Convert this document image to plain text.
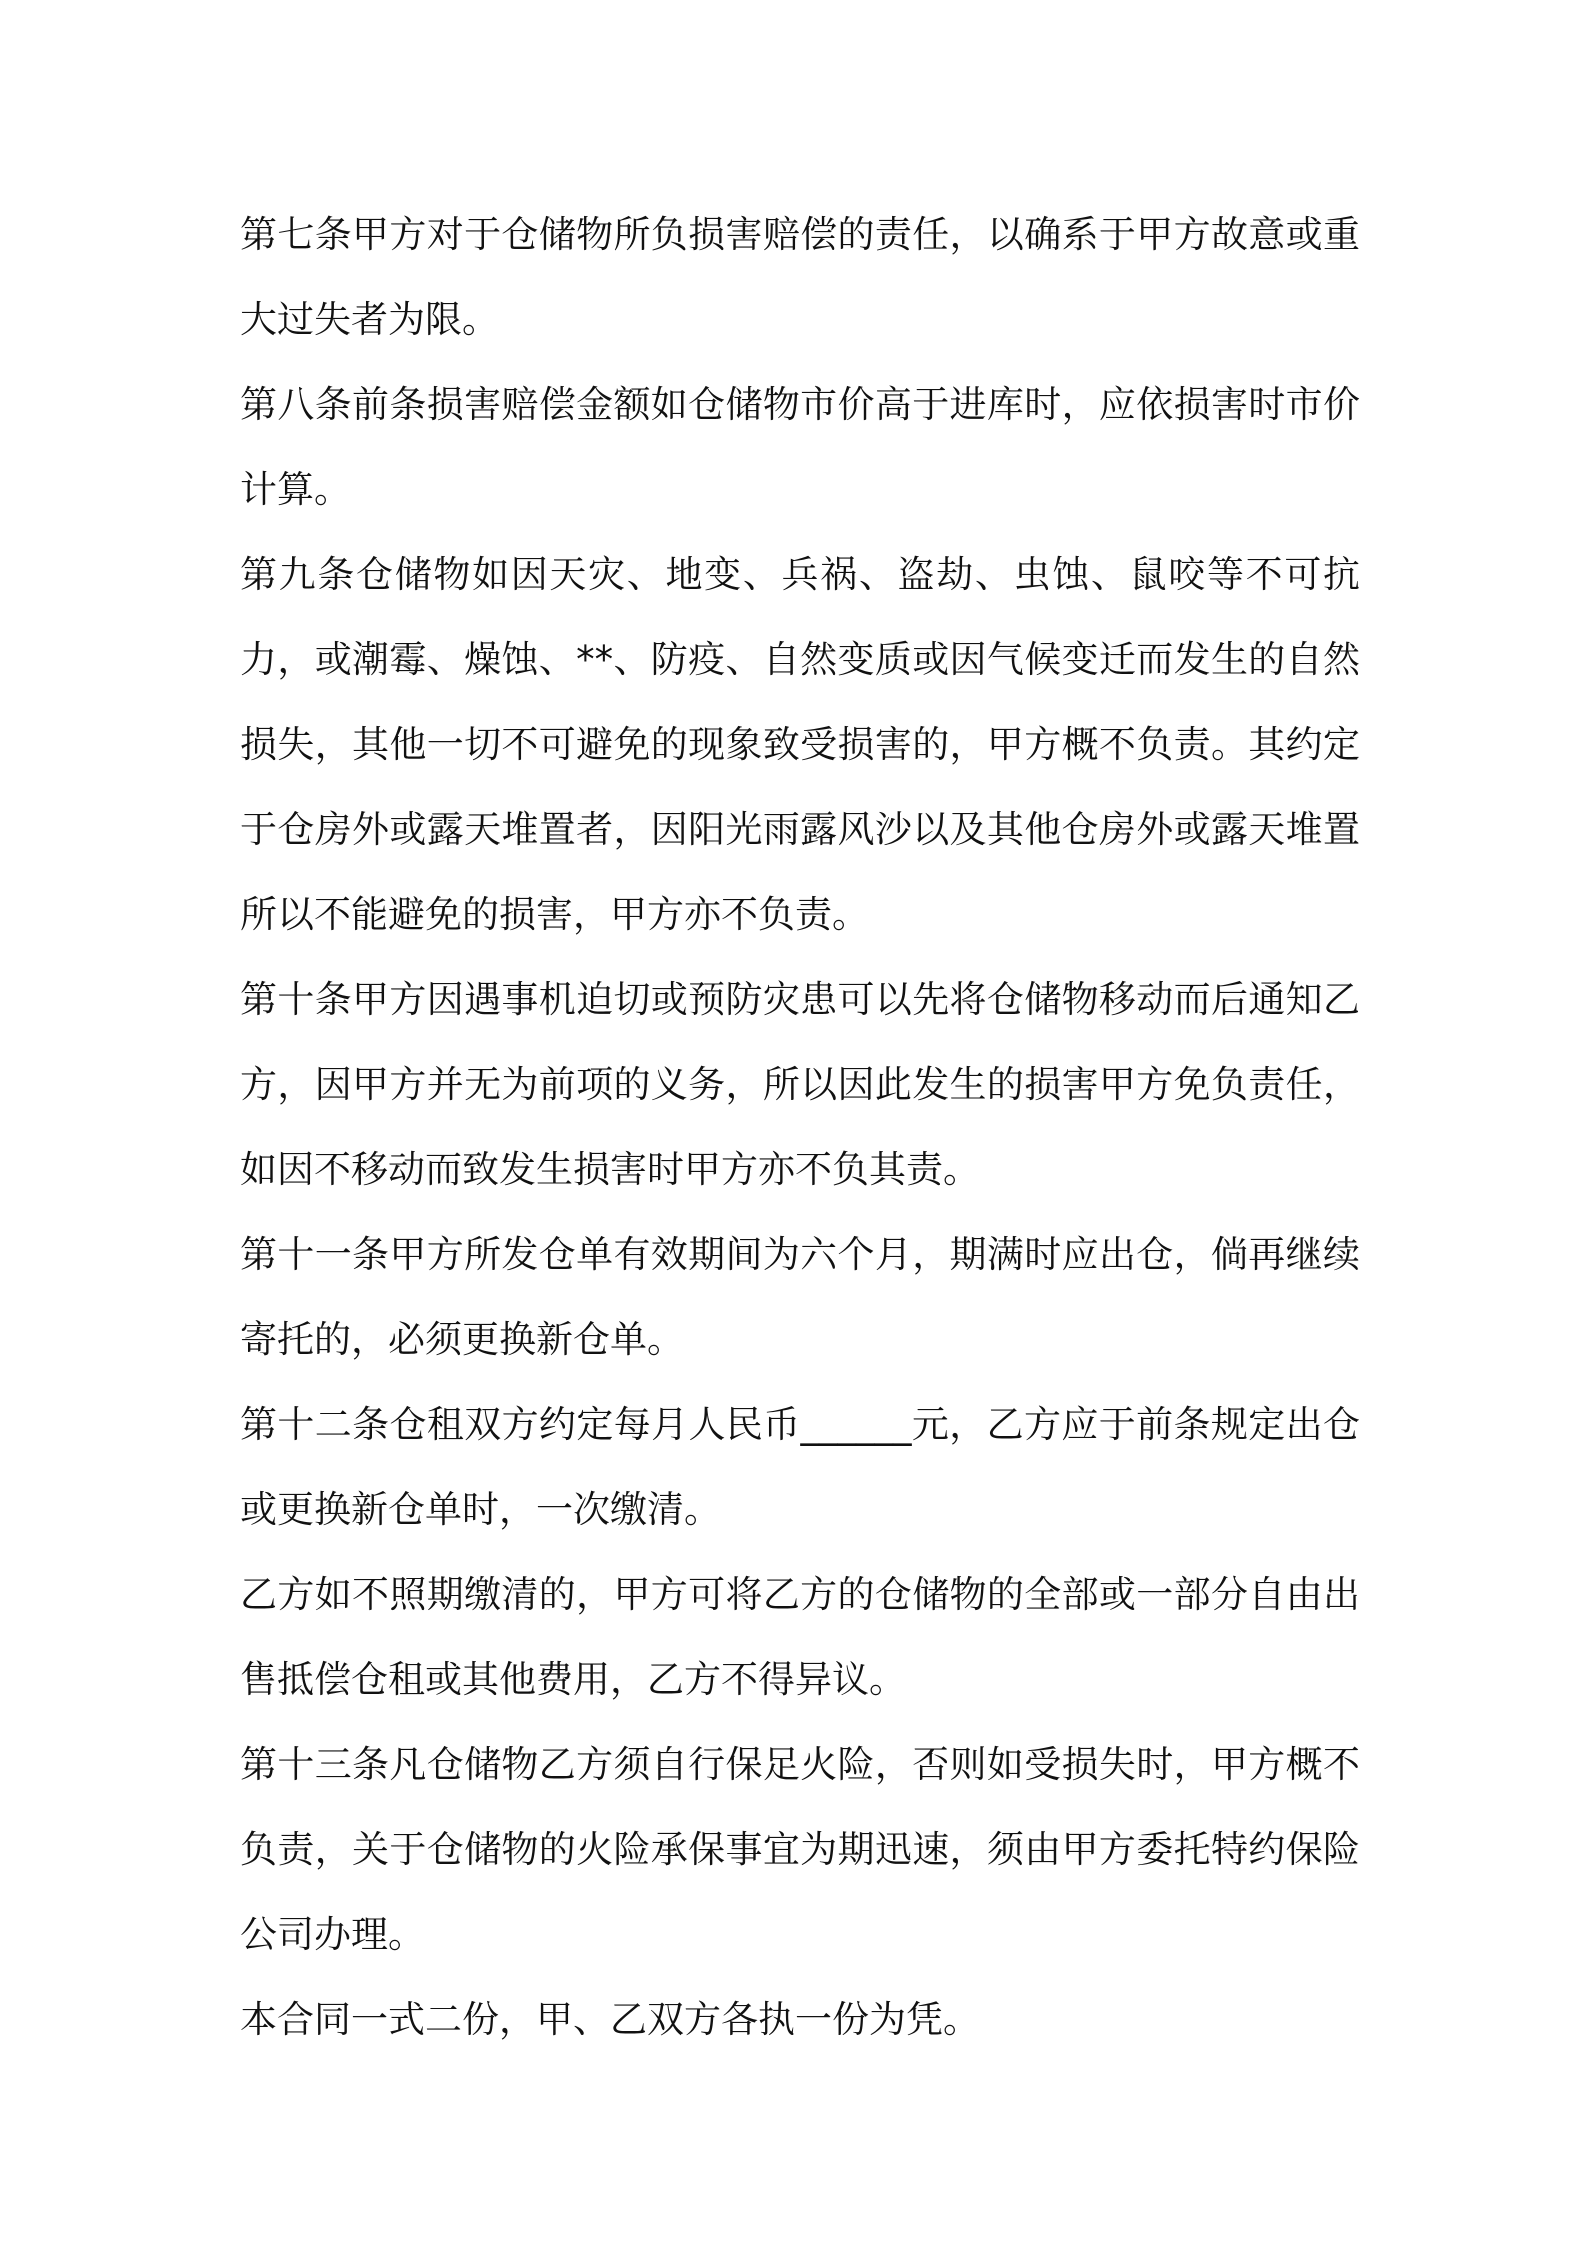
第七条甲方对于仓储物所负损害赔偿的责任，以确系于甲方故意或重大过失者为限。

第八条前条损害赔偿金额如仓储物市价高于进库时，应依损害时市价计算。

第九条仓储物如因天灾、地变、兵祸、盗劫、虫蚀、鼠咬等不可抗力，或潮霉、燥蚀、**、防疫、自然变质或因气候变迁而发生的自然损失，其他一切不可避免的现象致受损害的，甲方概不负责。其约定于仓房外或露天堆置者，因阳光雨露风沙以及其他仓房外或露天堆置所以不能避免的损害，甲方亦不负责。

第十条甲方因遇事机迫切或预防灾患可以先将仓储物移动而后通知乙方，因甲方并无为前项的义务，所以因此发生的损害甲方免负责任，如因不移动而致发生损害时甲方亦不负其责。

第十一条甲方所发仓单有效期间为六个月，期满时应出仓，倘再继续寄托的，必须更换新仓单。

第十二条仓租双方约定每月人民币______元，乙方应于前条规定出仓或更换新仓单时，一次缴清。

乙方如不照期缴清的，甲方可将乙方的仓储物的全部或一部分自由出售抵偿仓租或其他费用，乙方不得异议。

第十三条凡仓储物乙方须自行保足火险，否则如受损失时，甲方概不负责，关于仓储物的火险承保事宜为期迅速，须由甲方委托特约保险公司办理。

本合同一式二份，甲、乙双方各执一份为凭。
